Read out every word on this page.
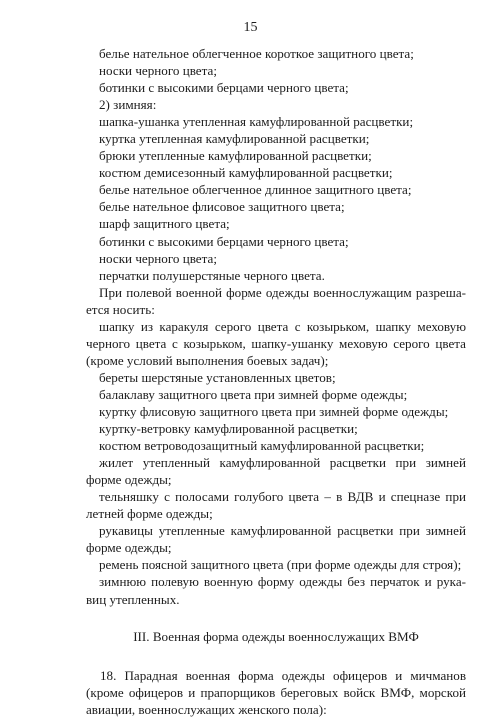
15
белье нательное облегченное короткое защитного цвета;
носки черного цвета;
ботинки с высокими берцами черного цвета;
2) зимняя:
шапка-ушанка утепленная камуфлированной расцветки;
куртка утепленная камуфлированной расцветки;
брюки утепленные камуфлированной расцветки;
костюм демисезонный камуфлированной расцветки;
белье нательное облегченное длинное защитного цвета;
белье нательное флисовое защитного цвета;
шарф защитного цвета;
ботинки с высокими берцами черного цвета;
носки черного цвета;
перчатки полушерстяные черного цвета.
При полевой военной форме одежды военнослужащим разреша-
ется носить:
шапку из каракуля серого цвета с козырьком, шапку меховую
черного цвета с козырьком, шапку-ушанку меховую серого цвета
(кроме условий выполнения боевых задач);
береты шерстяные установленных цветов;
балаклаву защитного цвета при зимней форме одежды;
куртку флисовую защитного цвета при зимней форме одежды;
куртку-ветровку камуфлированной расцветки;
костюм ветроводозащитный камуфлированной расцветки;
жилет утепленный камуфлированной расцветки при зимней
форме одежды;
тельняшку с полосами голубого цвета – в ВДВ и спецназе при
летней форме одежды;
рукавицы утепленные камуфлированной расцветки при зимней
форме одежды;
ремень поясной защитного цвета (при форме одежды для строя);
зимнюю полевую военную форму одежды без перчаток и рука-
виц утепленных.
III. Военная форма одежды военнослужащих ВМФ
18. Парадная военная форма одежды офицеров и мичманов
(кроме офицеров и прапорщиков береговых войск ВМФ, морской
авиации, военнослужащих женского пола):
